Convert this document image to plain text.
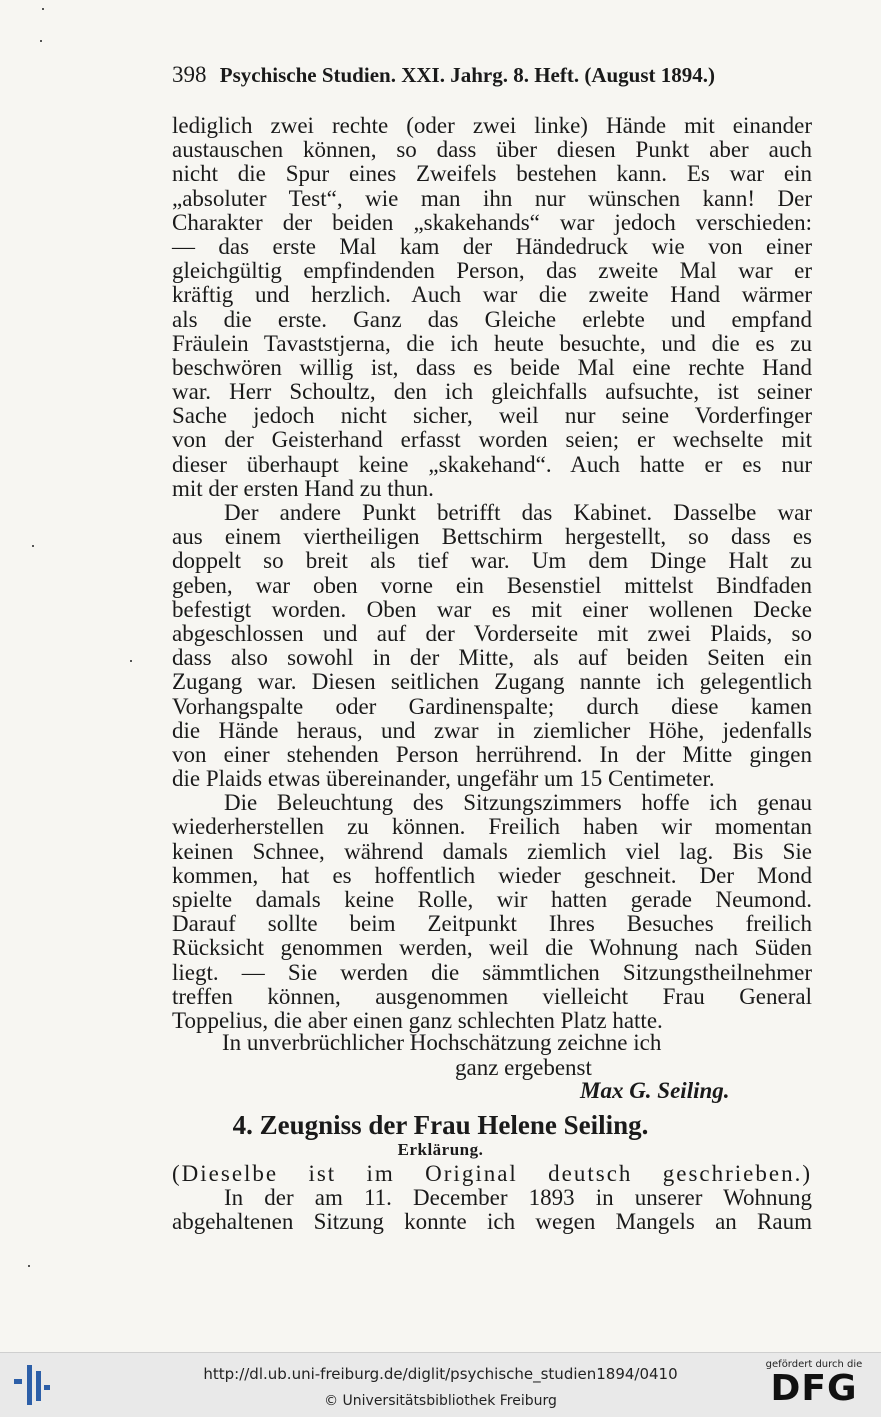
398 Psychische Studien. XXI. Jahrg. 8. Heft. (August 1894.)
lediglich zwei rechte (oder zwei linke) Hände mit einander
austauschen können, so dass über diesen Punkt aber auch
nicht die Spur eines Zweifels bestehen kann. Es war ein
„absoluter Test“, wie man ihn nur wünschen kann! Der
Charakter der beiden „skakehands“ war jedoch verschieden:
— das erste Mal kam der Händedruck wie von einer
gleichgültig empfindenden Person, das zweite Mal war er
kräftig und herzlich. Auch war die zweite Hand wärmer
als die erste. Ganz das Gleiche erlebte und empfand
Fräulein Tavaststjerna, die ich heute besuchte, und die es zu
beschwören willig ist, dass es beide Mal eine rechte Hand
war. Herr Schoultz, den ich gleichfalls aufsuchte, ist seiner
Sache jedoch nicht sicher, weil nur seine Vorderfinger
von der Geisterhand erfasst worden seien; er wechselte mit
dieser überhaupt keine „skakehand“. Auch hatte er es nur
mit der ersten Hand zu thun.
Der andere Punkt betrifft das Kabinet. Dasselbe war
aus einem viertheiligen Bettschirm hergestellt, so dass es
doppelt so breit als tief war. Um dem Dinge Halt zu
geben, war oben vorne ein Besenstiel mittelst Bindfaden
befestigt worden. Oben war es mit einer wollenen Decke
abgeschlossen und auf der Vorderseite mit zwei Plaids, so
dass also sowohl in der Mitte, als auf beiden Seiten ein
Zugang war. Diesen seitlichen Zugang nannte ich gelegentlich
Vorhangspalte oder Gardinenspalte; durch diese kamen
die Hände heraus, und zwar in ziemlicher Höhe, jedenfalls
von einer stehenden Person herrührend. In der Mitte gingen
die Plaids etwas übereinander, ungefähr um 15 Centimeter.
Die Beleuchtung des Sitzungszimmers hoffe ich genau
wiederherstellen zu können. Freilich haben wir momentan
keinen Schnee, während damals ziemlich viel lag. Bis Sie
kommen, hat es hoffentlich wieder geschneit. Der Mond
spielte damals keine Rolle, wir hatten gerade Neumond.
Darauf sollte beim Zeitpunkt Ihres Besuches freilich
Rücksicht genommen werden, weil die Wohnung nach Süden
liegt. — Sie werden die sämmtlichen Sitzungstheilnehmer
treffen können, ausgenommen vielleicht Frau General
Toppelius, die aber einen ganz schlechten Platz hatte.
In unverbrüchlicher Hochschätzung zeichne ich
ganz ergebenst
Max G. Seiling.
4. Zeugniss der Frau Helene Seiling.
Erklärung.
(Dieselbe ist im Original deutsch geschrieben.)
In der am 11. December 1893 in unserer Wohnung
abgehaltenen Sitzung konnte ich wegen Mangels an Raum
http://dl.ub.uni-freiburg.de/diglit/psychische_studien1894/0410
© Universitätsbibliothek Freiburg
gefördert durch die
DFG
